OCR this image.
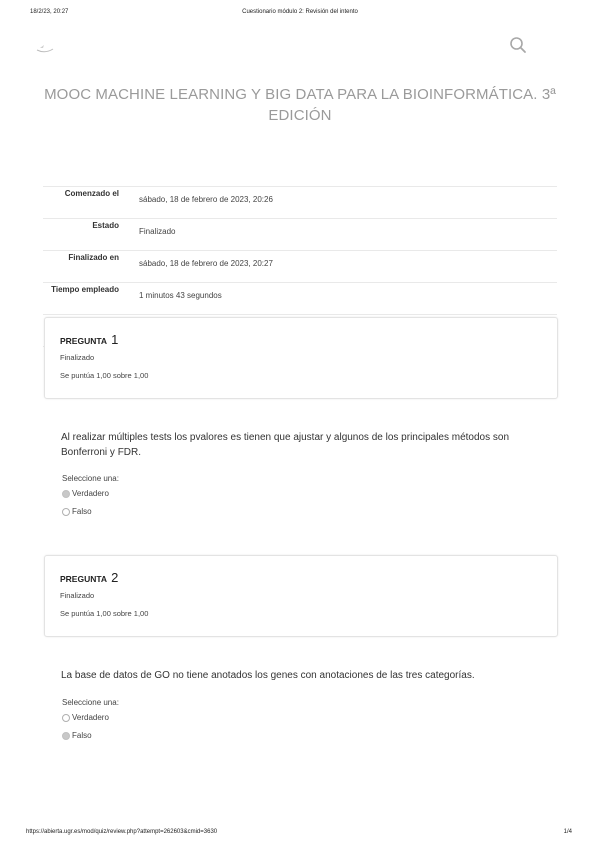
18/2/23, 20:27	Cuestionario módulo 2: Revisión del intento
MOOC MACHINE LEARNING Y BIG DATA PARA LA BIOINFORMÁTICA. 3ª EDICIÓN
Comenzado el	sábado, 18 de febrero de 2023, 20:26
Estado	Finalizado
Finalizado en	sábado, 18 de febrero de 2023, 20:27
Tiempo empleado	1 minutos 43 segundos

PREGUNTA 1
Finalizado
Se puntúa 1,00 sobre 1,00
Al realizar múltiples tests los pvalores es tienen que ajustar y algunos de los principales métodos son Bonferroni y FDR.
Seleccione una:
Verdadero
Falso
PREGUNTA 2
Finalizado
Se puntúa 1,00 sobre 1,00
La base de datos de GO no tiene anotados los genes con anotaciones de las tres categorías.
Seleccione una:
Verdadero
Falso
https://abierta.ugr.es/mod/quiz/review.php?attempt=262603&cmid=3630	1/4
